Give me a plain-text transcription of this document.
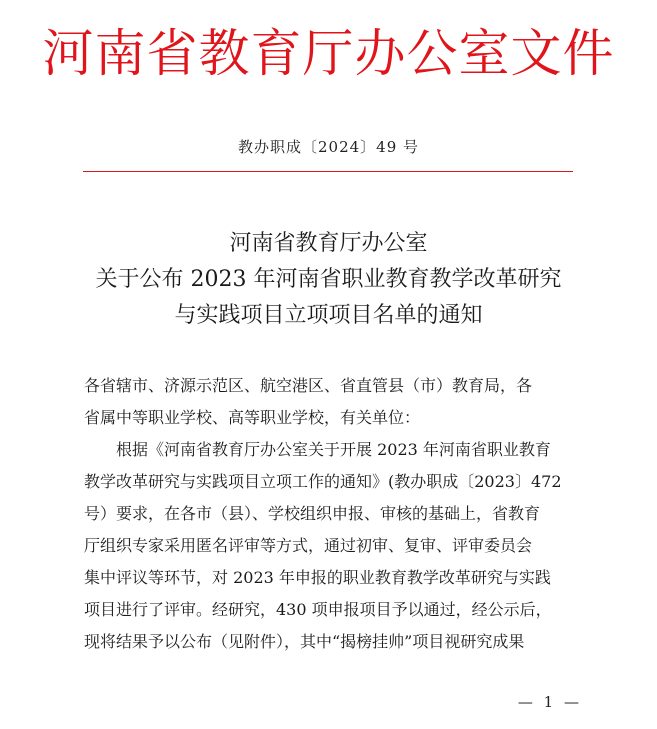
河南省教育厅办公室文件
教办职成〔2024〕49 号
河南省教育厅办公室
关于公布 2023 年河南省职业教育教学改革研究
与实践项目立项项目名单的通知
各省辖市、济源示范区、航空港区、省直管县（市）教育局，各
省属中等职业学校、高等职业学校，有关单位：
根据《河南省教育厅办公室关于开展 2023 年河南省职业教育
教学改革研究与实践项目立项工作的通知》(教办职成〔2023〕472
号）要求，在各市（县）、学校组织申报、审核的基础上，省教育
厅组织专家采用匿名评审等方式，通过初审、复审、评审委员会
集中评议等环节，对 2023 年申报的职业教育教学改革研究与实践
项目进行了评审。经研究，430 项申报项目予以通过，经公示后，
现将结果予以公布（见附件），其中“揭榜挂帅”项目视研究成果
— 1 —
